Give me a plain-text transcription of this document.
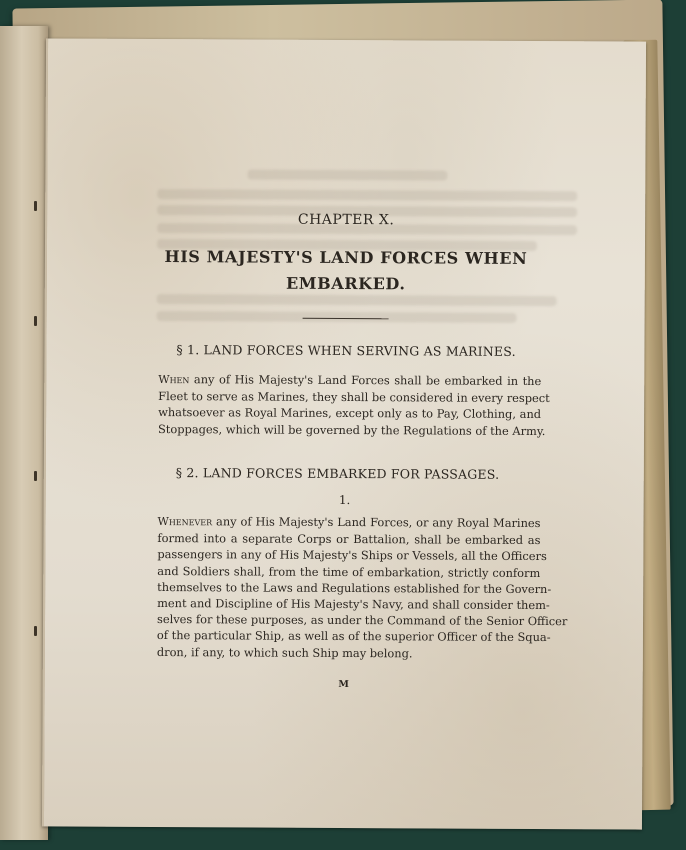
CHAPTER X.
HIS MAJESTY'S LAND FORCES WHEN
EMBARKED.
§ 1. LAND FORCES WHEN SERVING AS MARINES.
When any of His Majesty's Land Forces shall be embarked in the
Fleet to serve as Marines, they shall be considered in every respect
whatsoever as Royal Marines, except only as to Pay, Clothing, and
Stoppages, which will be governed by the Regulations of the Army.
§ 2. LAND FORCES EMBARKED FOR PASSAGES.
1.
Whenever any of His Majesty's Land Forces, or any Royal Marines
formed into a separate Corps or Battalion, shall be embarked as
passengers in any of His Majesty's Ships or Vessels, all the Officers
and Soldiers shall, from the time of embarkation, strictly conform
themselves to the Laws and Regulations established for the Govern-
ment and Discipline of His Majesty's Navy, and shall consider them-
selves for these purposes, as under the Command of the Senior Officer
of the particular Ship, as well as of the superior Officer of the Squa-
dron, if any, to which such Ship may belong.
M
